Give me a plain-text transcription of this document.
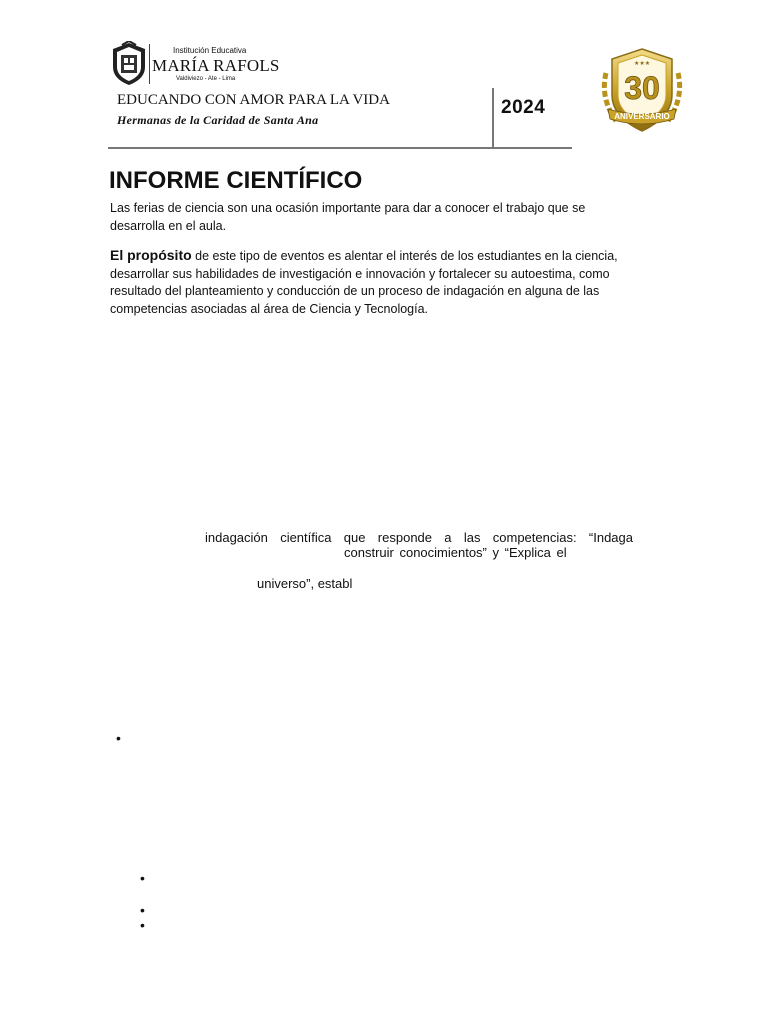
Institución Educativa
MARÍA RAFOLS
Valdiviezo - Ate - Lima
EDUCANDO CON AMOR PARA LA VIDA
Hermanas de la Caridad de Santa Ana
2024
★★★
30
ANIVERSARIO
INFORME CIENTÍFICO
Las ferias de ciencia son una ocasión importante para dar a conocer el trabajo que se desarrolla en el aula.
El propósito de este tipo de eventos es alentar el interés de los estudiantes en la ciencia, desarrollar sus habilidades de investigación e innovación y fortalecer su autoestima, como resultado del planteamiento y conducción de un proceso de indagación en alguna de las competencias asociadas al área de Ciencia y Tecnología.
indagación científica que responde a las competencias: “Indaga
construir conocimientos” y “Explica el
universo”, establ
•
•
•
•
